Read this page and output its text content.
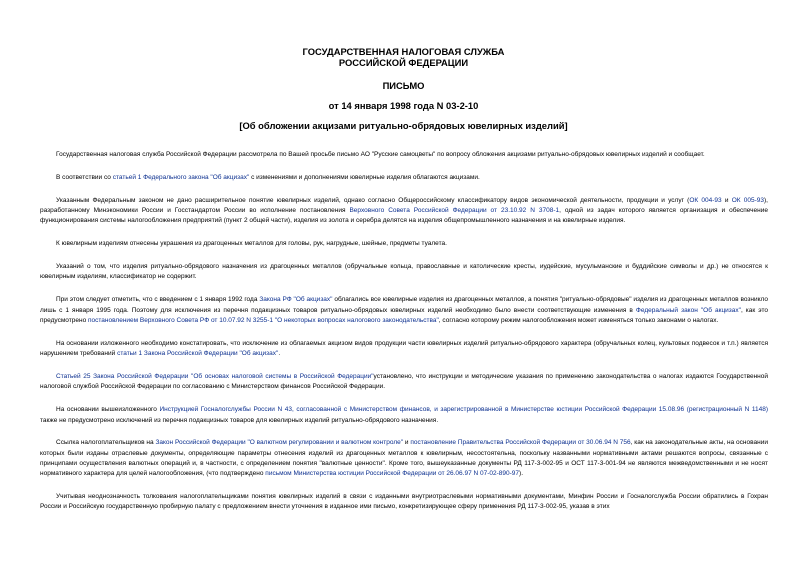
ГОСУДАРСТВЕННАЯ НАЛОГОВАЯ СЛУЖБА
РОССИЙСКОЙ ФЕДЕРАЦИИ
ПИСЬМО
от 14 января 1998 года N 03-2-10
[Об обложении акцизами ритуально-обрядовых ювелирных изделий]

Государственная налоговая служба Российской Федерации рассмотрела по Вашей просьбе письмо АО "Русские самоцветы" по вопросу обложения акцизами ритуально-обрядовых ювелирных изделий и сообщает.

В соответствии со статьей 1 Федерального закона "Об акцизах" с изменениями и дополнениями ювелирные изделия облагаются акцизами.

Указанным Федеральным законом не дано расширительное понятие ювелирных изделий, однако согласно Общероссийскому классификатору видов экономической деятельности, продукции и услуг (ОК 004-93 и ОК 005-93), разработанному Минэкономики России и Госстандартом России во исполнение постановления Верховного Совета Российской Федерации от 23.10.92 N 3708-1, одной из задач которого является организация и обеспечение функционирования системы налогообложения предприятий (пункт 2 общей части), изделия из золота и серебра делятся на изделия общепромышленного назначения и на ювелирные изделия.

К ювелирным изделиям отнесены украшения из драгоценных металлов для головы, рук, нагрудные, шейные, предметы туалета.

Указаний о том, что изделия ритуально-обрядового назначения из драгоценных металлов (обручальные кольца, православные и католические кресты, иудейские, мусульманские и буддийские символы и др.) не относятся к ювелирным изделиям, классификатор не содержит.

При этом следует отметить, что с введением с 1 января 1992 года Закона РФ "Об акцизах" облагались все ювелирные изделия из драгоценных металлов, а понятия "ритуально-обрядовые" изделия из драгоценных металлов возникло лишь с 1 января 1995 года. Поэтому для исключения из перечня подакцизных товаров ритуально-обрядовых ювелирных изделий необходимо было внести соответствующие изменения в Федеральный закон "Об акцизах", как это предусмотрено постановлением Верховного Совета РФ от 10.07.92 N 3255-1 "О некоторых вопросах налогового законодательства", согласно которому режим налогообложения может изменяться только законами о налогах.

На основании изложенного необходимо констатировать, что исключение из облагаемых акцизом видов продукции части ювелирных изделий ритуально-обрядового характера (обручальных колец, культовых подвесок и т.п.) является нарушением требований статьи 1 Закона Российской Федерации "Об акцизах".

Статьей 25 Закона Российской Федерации "Об основах налоговой системы в Российской Федерации"установлено, что инструкции и методические указания по применению законодательства о налогах издаются Государственной налоговой службой Российской Федерации по согласованию с Министерством финансов Российской Федерации.

На основании вышеизложенного Инструкцией Госналогслужбы России N 43, согласованной с Министерством финансов, и зарегистрированной в Министерстве юстиции Российской Федерации 15.08.96 (регистрационный N 1148) также не предусмотрено исключений из перечня подакцизных товаров для ювелирных изделий ритуально-обрядового назначения.

Ссылка налогоплательщиков на Закон Российской Федерации "О валютном регулировании и валютном контроле" и постановление Правительства Российской Федерации от 30.06.94 N 756, как на законодательные акты, на основании которых были изданы отраслевые документы, определяющие параметры отнесения изделий из драгоценных металлов к ювелирным, несостоятельна, поскольку названными нормативными актами решаются вопросы, связанные с принципами осуществления валютных операций и, в частности, с определением понятия "валютные ценности". Кроме того, вышеуказанные документы РД 117-3-002-95 и ОСТ 117-3-001-94 не являются межведомственными и не носят нормативного характера для целей налогообложения, (что подтверждено письмом Министерства юстиции Российской Федерации от 26.06.97 N 07-02-890-97).

Учитывая неоднозначность толкования налогоплательщиками понятия ювелирных изделий в связи с изданными внутриотраслевыми нормативными документами, Минфин России и Госналогслужба России обратились в Гохран России и Российскую государственную пробирную палату с предложением внести уточнения в изданное ими письмо, конкретизирующее сферу применения РД 117-3-002-95, указав в этих
